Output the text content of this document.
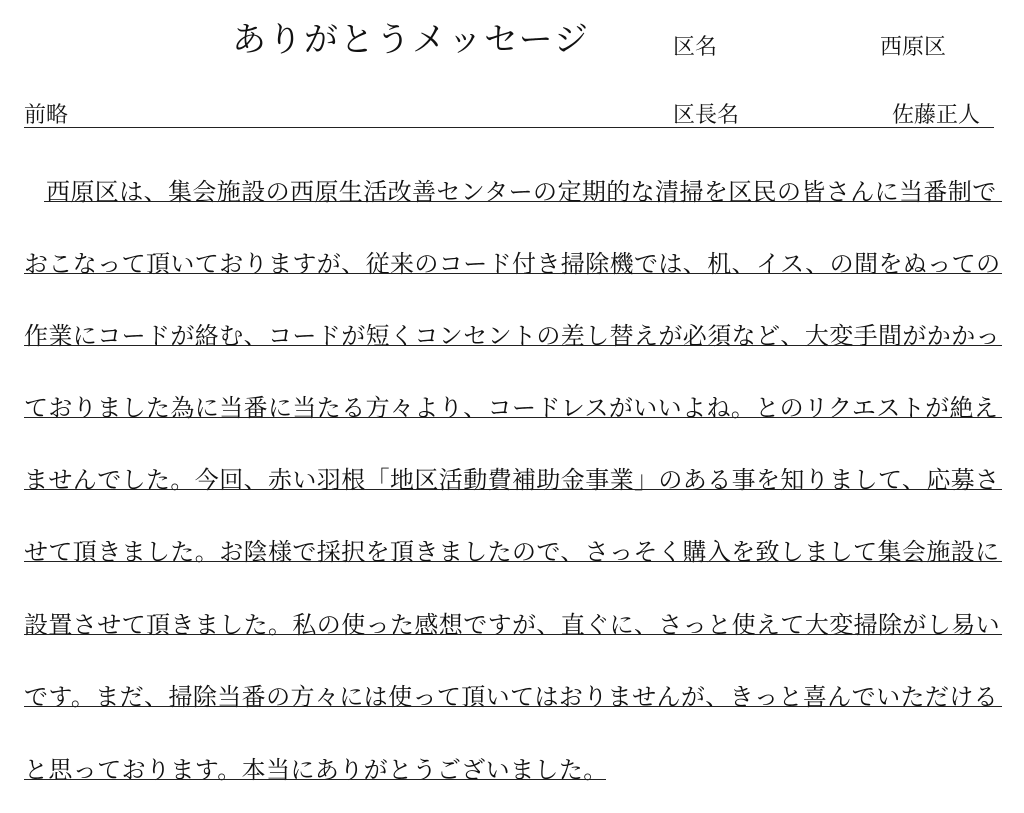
ありがとうメッセージ	区名	西原区
前略	区長名	佐藤正人
西原区は、集会施設の西原生活改善センターの定期的な清掃を区民の皆さんに当番制で
おこなって頂いておりますが、従来のコード付き掃除機では、机、イス、の間をぬっての
作業にコードが絡む、コードが短くコンセントの差し替えが必須など、大変手間がかかっ
ておりました為に当番に当たる方々より、コードレスがいいよね。とのリクエストが絶え
ませんでした。今回、赤い羽根「地区活動費補助金事業」のある事を知りまして、応募さ
せて頂きました。お陰様で採択を頂きましたので、さっそく購入を致しまして集会施設に
設置させて頂きました。私の使った感想ですが、直ぐに、さっと使えて大変掃除がし易い
です。まだ、掃除当番の方々には使って頂いてはおりませんが、きっと喜んでいただける
と思っております。本当にありがとうございました。
